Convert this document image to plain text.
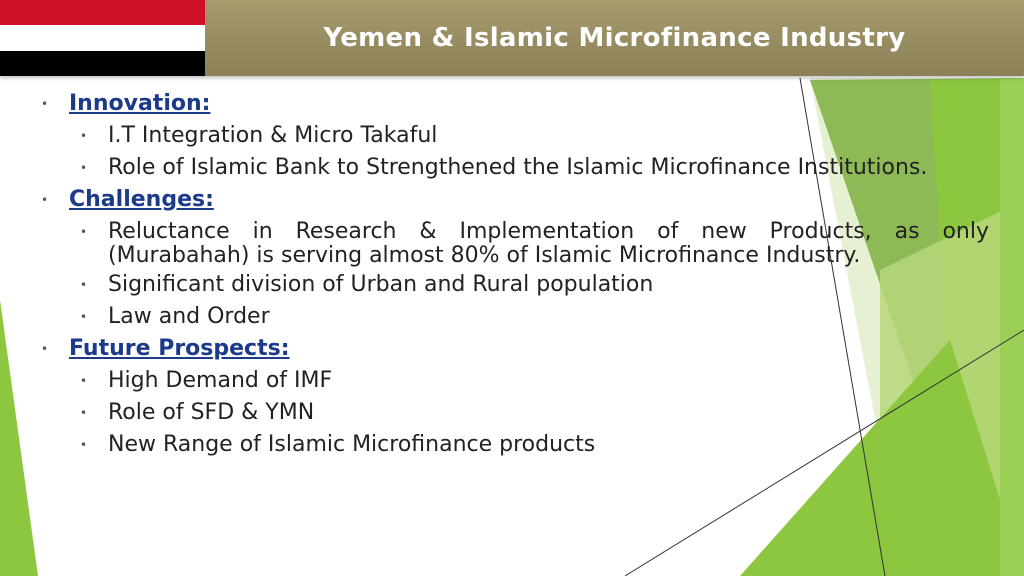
Yemen & Islamic Microfinance Industry
• Innovation:
• I.T Integration & Micro Takaful
• Role of Islamic Bank to Strengthened the Islamic Microfinance Institutions.
• Challenges:
• Reluctance in Research & Implementation of new Products, as only
(Murabahah) is serving almost 80% of Islamic Microfinance Industry.
• Significant division of Urban and Rural population
• Law and Order
• Future Prospects:
• High Demand of IMF
• Role of SFD & YMN
• New Range of Islamic Microfinance products
